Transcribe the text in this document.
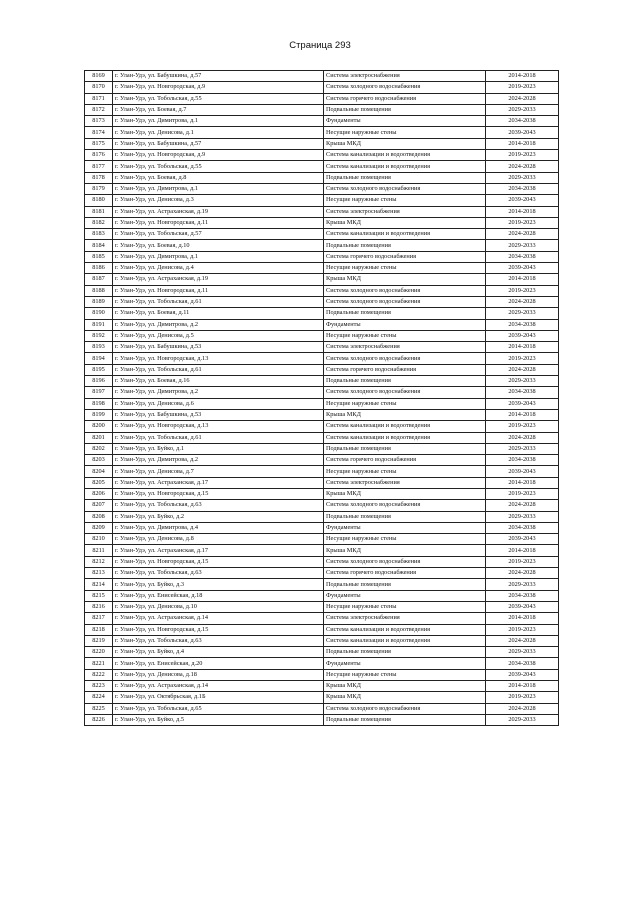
Страница 293
8169	г. Улан-Удэ, ул. Бабушкина, д.57	Система электроснабжения	2014-2018
8170	г. Улан-Удэ, ул. Новгородская, д.9	Система холодного водоснабжения	2019-2023
8171	г. Улан-Удэ, ул. Тобольская, д.55	Система горячего водоснабжения	2024-2028
8172	г. Улан-Удэ, ул. Боевая, д.7	Подвальные помещения	2029-2033
8173	г. Улан-Удэ, ул. Димитрова, д.1	Фундаменты	2034-2038
8174	г. Улан-Удэ, ул. Денисова, д.1	Несущие наружные стены	2039-2043
8175	г. Улан-Удэ, ул. Бабушкина, д.57	Крыша МКД	2014-2018
8176	г. Улан-Удэ, ул. Новгородская, д.9	Система канализации и водоотведения	2019-2023
8177	г. Улан-Удэ, ул. Тобольская, д.55	Система канализации и водоотведения	2024-2028
8178	г. Улан-Удэ, ул. Боевая, д.8	Подвальные помещения	2029-2033
8179	г. Улан-Удэ, ул. Димитрова, д.1	Система холодного водоснабжения	2034-2038
8180	г. Улан-Удэ, ул. Денисова, д.3	Несущие наружные стены	2039-2043
8181	г. Улан-Удэ, ул. Астраханская, д.19	Система электроснабжения	2014-2018
8182	г. Улан-Удэ, ул. Новгородская, д.11	Крыша МКД	2019-2023
8183	г. Улан-Удэ, ул. Тобольская, д.57	Система канализации и водоотведения	2024-2028
8184	г. Улан-Удэ, ул. Боевая, д.10	Подвальные помещения	2029-2033
8185	г. Улан-Удэ, ул. Димитрова, д.1	Система горячего водоснабжения	2034-2038
8186	г. Улан-Удэ, ул. Денисова, д.4	Несущие наружные стены	2039-2043
8187	г. Улан-Удэ, ул. Астраханская, д.19	Крыша МКД	2014-2018
8188	г. Улан-Удэ, ул. Новгородская, д.11	Система холодного водоснабжения	2019-2023
8189	г. Улан-Удэ, ул. Тобольская, д.61	Система холодного водоснабжения	2024-2028
8190	г. Улан-Удэ, ул. Боевая, д.11	Подвальные помещения	2029-2033
8191	г. Улан-Удэ, ул. Димитрова, д.2	Фундаменты	2034-2038
8192	г. Улан-Удэ, ул. Денисова, д.5	Несущие наружные стены	2039-2043
8193	г. Улан-Удэ, ул. Бабушкина, д.53	Система электроснабжения	2014-2018
8194	г. Улан-Удэ, ул. Новгородская, д.13	Система холодного водоснабжения	2019-2023
8195	г. Улан-Удэ, ул. Тобольская, д.61	Система горячего водоснабжения	2024-2028
8196	г. Улан-Удэ, ул. Боевая, д.16	Подвальные помещения	2029-2033
8197	г. Улан-Удэ, ул. Димитрова, д.2	Система холодного водоснабжения	2034-2038
8198	г. Улан-Удэ, ул. Денисова, д.6	Несущие наружные стены	2039-2043
8199	г. Улан-Удэ, ул. Бабушкина, д.53	Крыша МКД	2014-2018
8200	г. Улан-Удэ, ул. Новгородская, д.13	Система канализации и водоотведения	2019-2023
8201	г. Улан-Удэ, ул. Тобольская, д.61	Система канализации и водоотведения	2024-2028
8202	г. Улан-Удэ, ул. Буйко, д.1	Подвальные помещения	2029-2033
8203	г. Улан-Удэ, ул. Димитрова, д.2	Система горячего водоснабжения	2034-2038
8204	г. Улан-Удэ, ул. Денисова, д.7	Несущие наружные стены	2039-2043
8205	г. Улан-Удэ, ул. Астраханская, д.17	Система электроснабжения	2014-2018
8206	г. Улан-Удэ, ул. Новгородская, д.15	Крыша МКД	2019-2023
8207	г. Улан-Удэ, ул. Тобольская, д.63	Система холодного водоснабжения	2024-2028
8208	г. Улан-Удэ, ул. Буйко, д.2	Подвальные помещения	2029-2033
8209	г. Улан-Удэ, ул. Димитрова, д.4	Фундаменты	2034-2038
8210	г. Улан-Удэ, ул. Денисова, д.8	Несущие наружные стены	2039-2043
8211	г. Улан-Удэ, ул. Астраханская, д.17	Крыша МКД	2014-2018
8212	г. Улан-Удэ, ул. Новгородская, д.15	Система холодного водоснабжения	2019-2023
8213	г. Улан-Удэ, ул. Тобольская, д.63	Система горячего водоснабжения	2024-2028
8214	г. Улан-Удэ, ул. Буйко, д.3	Подвальные помещения	2029-2033
8215	г. Улан-Удэ, ул. Енисейская, д.18	Фундаменты	2034-2038
8216	г. Улан-Удэ, ул. Денисова, д.10	Несущие наружные стены	2039-2043
8217	г. Улан-Удэ, ул. Астраханская, д.14	Система электроснабжения	2014-2018
8218	г. Улан-Удэ, ул. Новгородская, д.15	Система канализации и водоотведения	2019-2023
8219	г. Улан-Удэ, ул. Тобольская, д.63	Система канализации и водоотведения	2024-2028
8220	г. Улан-Удэ, ул. Буйко, д.4	Подвальные помещения	2029-2033
8221	г. Улан-Удэ, ул. Енисейская, д.20	Фундаменты	2034-2038
8222	г. Улан-Удэ, ул. Денисова, д.18	Несущие наружные стены	2039-2043
8223	г. Улан-Удэ, ул. Астраханская, д.14	Крыша МКД	2014-2018
8224	г. Улан-Удэ, ул. Октябрьская, д.1Б	Крыша МКД	2019-2023
8225	г. Улан-Удэ, ул. Тобольская, д.65	Система холодного водоснабжения	2024-2028
8226	г. Улан-Удэ, ул. Буйко, д.5	Подвальные помещения	2029-2033
